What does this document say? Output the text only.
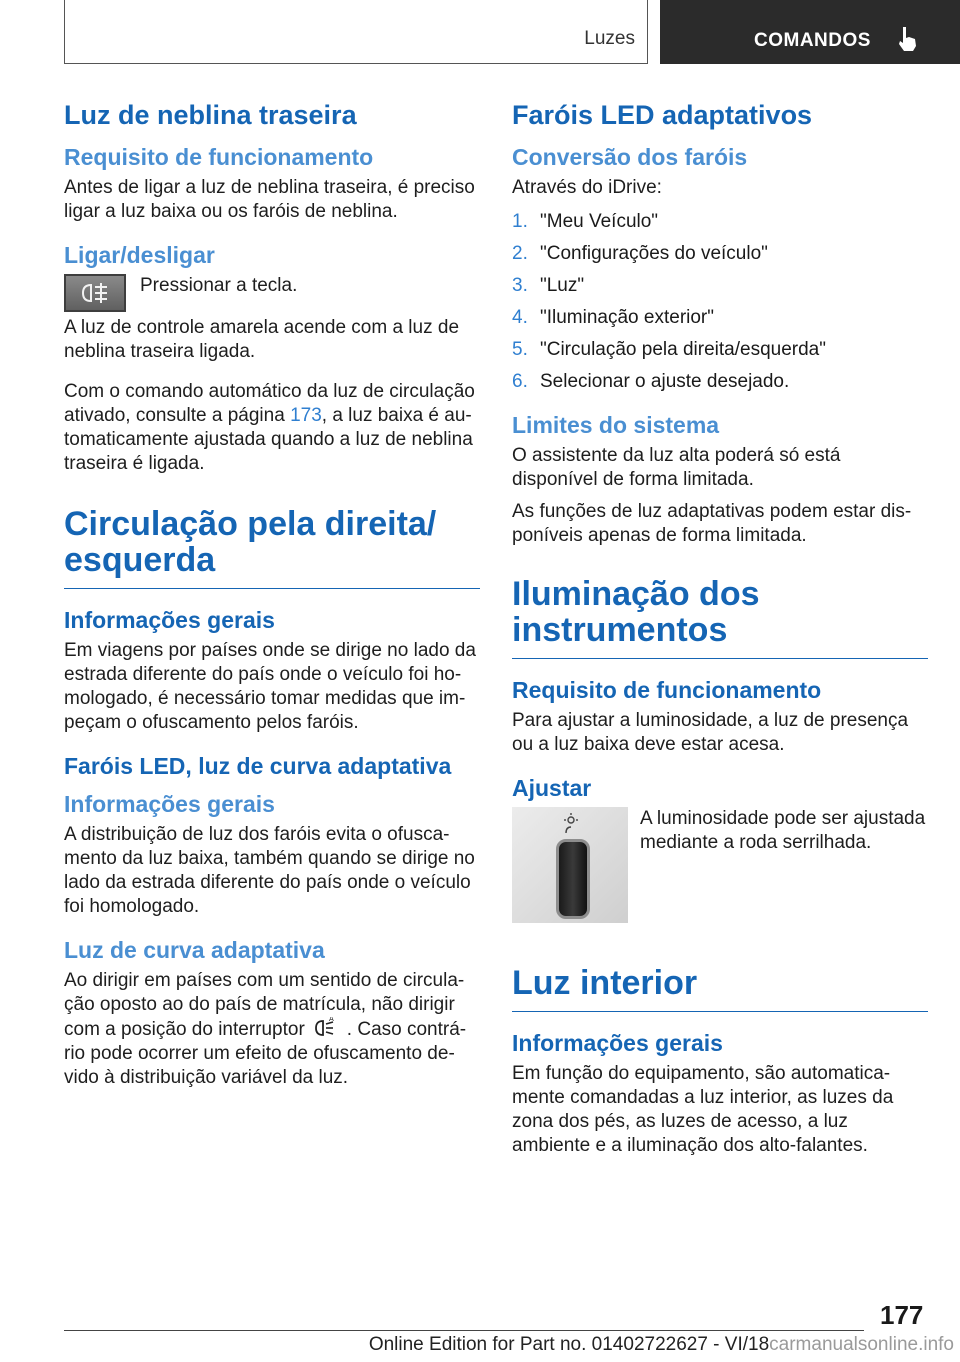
Luzes	COMANDOS
Luz de neblina traseira
Requisito de funcionamento

Antes de ligar a luz de neblina traseira, é preciso ligar a luz baixa ou os faróis de neblina.

Ligar/desligar

Pressionar a tecla.

A luz de controle amarela acende com a luz de neblina traseira ligada.

Com o comando automático da luz de circulação ativado, consulte a página 173, a luz baixa é automaticamente ajustada quando a luz de neblina traseira é ligada.

Circulação pela direita/ esquerda
Informações gerais

Em viagens por países onde se dirige no lado da estrada diferente do país onde o veículo foi homologado, é necessário tomar medidas que impeçam o ofuscamento pelos faróis.

Faróis LED, luz de curva adaptativa
Informações gerais

A distribuição de luz dos faróis evita o ofuscamento da luz baixa, também quando se dirige no lado da estrada diferente do país onde o veículo foi homologado.

Luz de curva adaptativa

Ao dirigir em países com um sentido de circulação oposto ao do país de matrícula, não dirigir com a posição do interruptor	A . Caso contrário pode ocorrer um efeito de ofuscamento devido à distribuição variável da luz.

Faróis LED adaptativos
Conversão dos faróis

Através do iDrive:

1. "Meu Veículo"
2. "Configurações do veículo"
3. "Luz"
4. "Iluminação exterior"
5. "Circulação pela direita/esquerda"
6. Selecionar o ajuste desejado.
Limites do sistema

O assistente da luz alta poderá só está disponível de forma limitada.

As funções de luz adaptativas podem estar disponíveis apenas de forma limitada.

Iluminação dos instrumentos
Requisito de funcionamento

Para ajustar a luminosidade, a luz de presença ou a luz baixa deve estar acesa.

Ajustar

A luminosidade pode ser ajustada mediante a roda serrilhada.

Luz interior
Informações gerais

Em função do equipamento, são automaticamente comandadas a luz interior, as luzes da zona dos pés, as luzes de acesso, a luz ambiente e a iluminação dos alto-falantes.

177
Online Edition for Part no. 01402722627 - VI/18carmanualsonline.info
